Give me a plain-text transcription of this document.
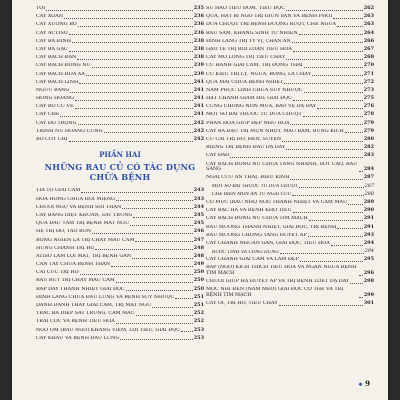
TỎI	235
CÂY XOAN	236
CÂY XƯƠNG BỒ	236
CÂY ACTISO	236
CÂY BẢ ĐINH	238
CÂY BẢ GẠC	238
CÂY BẠCH ĐÀN	238
CÂY BẠCH ĐỒNG NỮ	239
CÂY BẠCH HOA XÀ	239
CÂY BẠCH LINH	241
NGƯU BÀNG	241
HỒNG HOÀNG	241
CÂY BỒ CU VẼ	241
CÂY CHÈ	241
CÂY ĐỖ TRỌNG	242
TRINH NỮ HOÀNG CUNG	242
BỒ CỐT CHỈ	242
PHẦN HAI
NHỮNG RAU CỦ CÓ TÁC DỤNG CHỮA BỆNH
TÍA TÔ GIẢI CẢM	243
HOA HỒNG CHỮA HÔI MIỆNG	243
CHUỐI NGỰ VÀ BỆNH SỎI THẬN	244
CÂY BÀNG DIỆT KHUẨN, SÁT TRÙNG	245
QUẢ DÂU TẰM TRỊ BỆNH MẤT NGỦ	245
HẸ TRỊ HO, TÁO BÓN	246
BỒNG NGIỀN LÁ TRỊ CHẢY MÁU CAM	247
HÚNG CHANH TRỊ HO	248
ATISO LÀM LỢI MẬT, TRỊ BỆNH GAN	248
CẦN TÂY CHỮA BỆNH THẬN	249
CẢI CÚC TRỊ HO	250
RAU RÚT TRỊ CHẢY MÁU CAM	250
RẤP DÂY THANH NHIỆT GIẢI ĐỘC	250
ĐINH LĂNG CHỮA ĐAU LƯNG VÀ BỆNH SUY NHƯỢC	251
DÀNH DÀNH THAY GIẢI CẢM, TRỊ MẬT NGỦ	251
TRẮC BÁ DIỆP SÁT TRÙNG, CẦM MÁU	252
TRÁI CÓC VÀ BỆNH TIÊU HÓA	252
NGÒ OM (RAU NGỔ) KHÁNG VIÊM, LỢI TIỂU, GIẢI ĐỘC	253
CÂY KHẤU VÀ BỆNH ĐAU LƯNG	253
SU HÀO TIÊU ĐỜM, TIÊU ĐỘC	262
QUẢ, HẠT BÍ NGÔ TRỊ GIUN SÁN VÀ BỆNH PHỔI	263
DƯA CHUỘT TRỊ BỆNH ĐƯỜNG RUỘT, CHẾ NGỪA	263
RAU SAM, KHÁNG SINH TỰ NHIÊN	264
ĐINH LĂNG TRỊ TỲ VỊ, CHÁN ĂN	266
GẠO TẺ TRỊ RỐI LOẠN TIÊU HÓA	267
CÂY MƠ LÔNG TRỊ TIÊU CHẢY	268
CỦ HÀNH GIẢI CẢM, TRỊ ĐỘNG THAI	270
CỦ KIỆU TRỊ LỴ, NGỨA, BỎNG, LÁ CHẢY	271
QUẢ MAI CHỮA BỆNH NHIỆT	272
NẤM PHỤC LINH CHỮA SUY NHƯỢC	273
HẠT CHANH GIẢM HO, GIẢI ĐỘC	275
CƯNG CHỐNG NÔN MỬA, BẢO VỆ DẠ DÀY	276
MỘT SỐ BÀI THUỐC TỪ DƯA CHUỘT	278
PHAN HOA GIÚP ĐẸP NHƯ HOA	279
CÂY BA ĐẬU TRỊ MỤN NHỌT, MÁU BẦM, BỤNG KÍCH	279
CỦ CẢI TRỊ HO, HEN, SUYỄN	280
RIỀNG TRỊ BỆNH ĐAU DẠ DÀY	282
CÂY ĐÀO	283
CÂY BẠCH ĐỒNG NỮ CHỮA TĂNG NHANH, SỐT CAO, RAU SÀNG	284
NGẢI CỨU AN THAI, ĐIỀU KINH	287
MỘT SỐ BÀI THUỐC TỪ DƯA CHUỘT	287
CHẾ BIẾN MÓN ĂN TỪ NGẢI CỨU	288
CỎ MỰC (RAU NHỌ NỒI) THANH NHIỆT VÀ CẦM MÁU	289
CÂY BẠC HÀ VÀ BỆNH KHÓ TIÊU	290
CÂY BẠCH ĐỒNG NỮ CHỮA TIM MẠCH	291
RAU MUỐNG THANH NHIỆT, GIẢI ĐỘC, TRỊ BỆNH	291
RAU MƯỜNG CHỐNG TÁNG HUYẾT ÁP	293
CÂY CHANH NHUẬN GAN, GIẢI ĐỘC, TIÊU HÓA	294
BƯỚC TÍNH VÀ CÔNG DỤNG	294
CÂY CHANH GIẢI CẢM VÀ LÀM ĐẸP	295
BẮP (NGÔ) KÍCH THÍCH TIÊU HÓA VÀ NGĂN NGỪA BỆNH TIM MẠCH	296
CHUỐI GIÚP HẠ HUYẾT ÁP VÀ TRỊ BỆNH LOÉT DẠ DÀY	298
MỘC NHĨ ĐEN (NẤM MÈO) GIẢI ĐỘC CƠ THỂ VÀ TRỊ BỆNH TIM MẠCH	299
CÂY ỔI, TRỊ HO, TIÊU CHẢY	301
❖ 9
